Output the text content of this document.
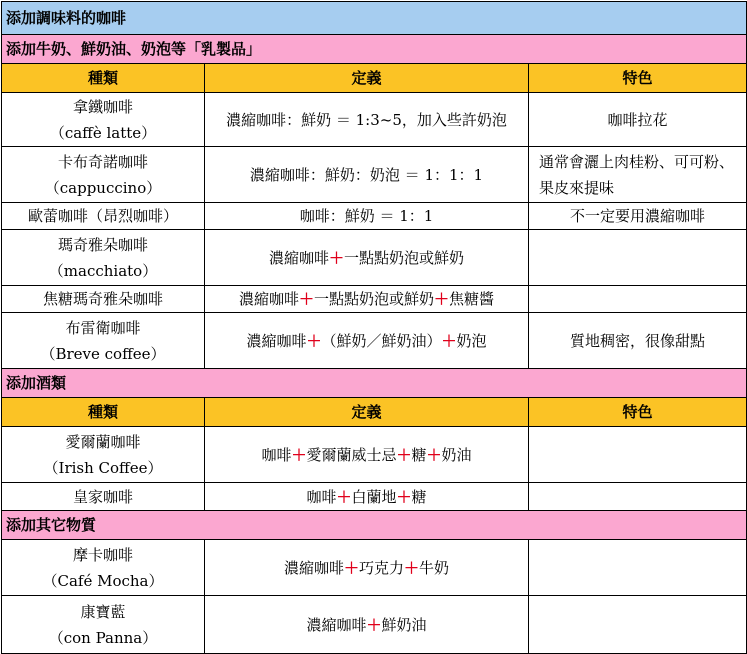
添加調味料的咖啡		
添加牛奶、鮮奶油、奶泡等「乳製品」		
種類	定義	特色

拿鐵咖啡
（caffè latte）	濃縮咖啡：鮮奶 ＝ 1:3~5，加入些許奶泡	咖啡拉花

卡布奇諾咖啡
（cappuccino）	濃縮咖啡：鮮奶：奶泡 ＝ 1：1：1	通常會灑上肉桂粉、可可粉、果皮來提味

歐蕾咖啡（昂烈咖啡）	咖啡：鮮奶 ＝ 1：1	不一定要用濃縮咖啡

瑪奇雅朵咖啡
（macchiato）	濃縮咖啡＋一點點奶泡或鮮奶	

焦糖瑪奇雅朵咖啡	濃縮咖啡＋一點點奶泡或鮮奶＋焦糖醬	

布雷衛咖啡
（Breve coffee）	濃縮咖啡＋（鮮奶／鮮奶油）＋奶泡	質地稠密，很像甜點
添加酒類		
種類	定義	特色

愛爾蘭咖啡
（Irish Coffee）	咖啡＋愛爾蘭威士忌＋糖＋奶油	

皇家咖啡	咖啡＋白蘭地＋糖	
添加其它物質		

摩卡咖啡
（Café Mocha）	濃縮咖啡＋巧克力＋牛奶	

康寶藍
（con Panna）	濃縮咖啡＋鮮奶油	
